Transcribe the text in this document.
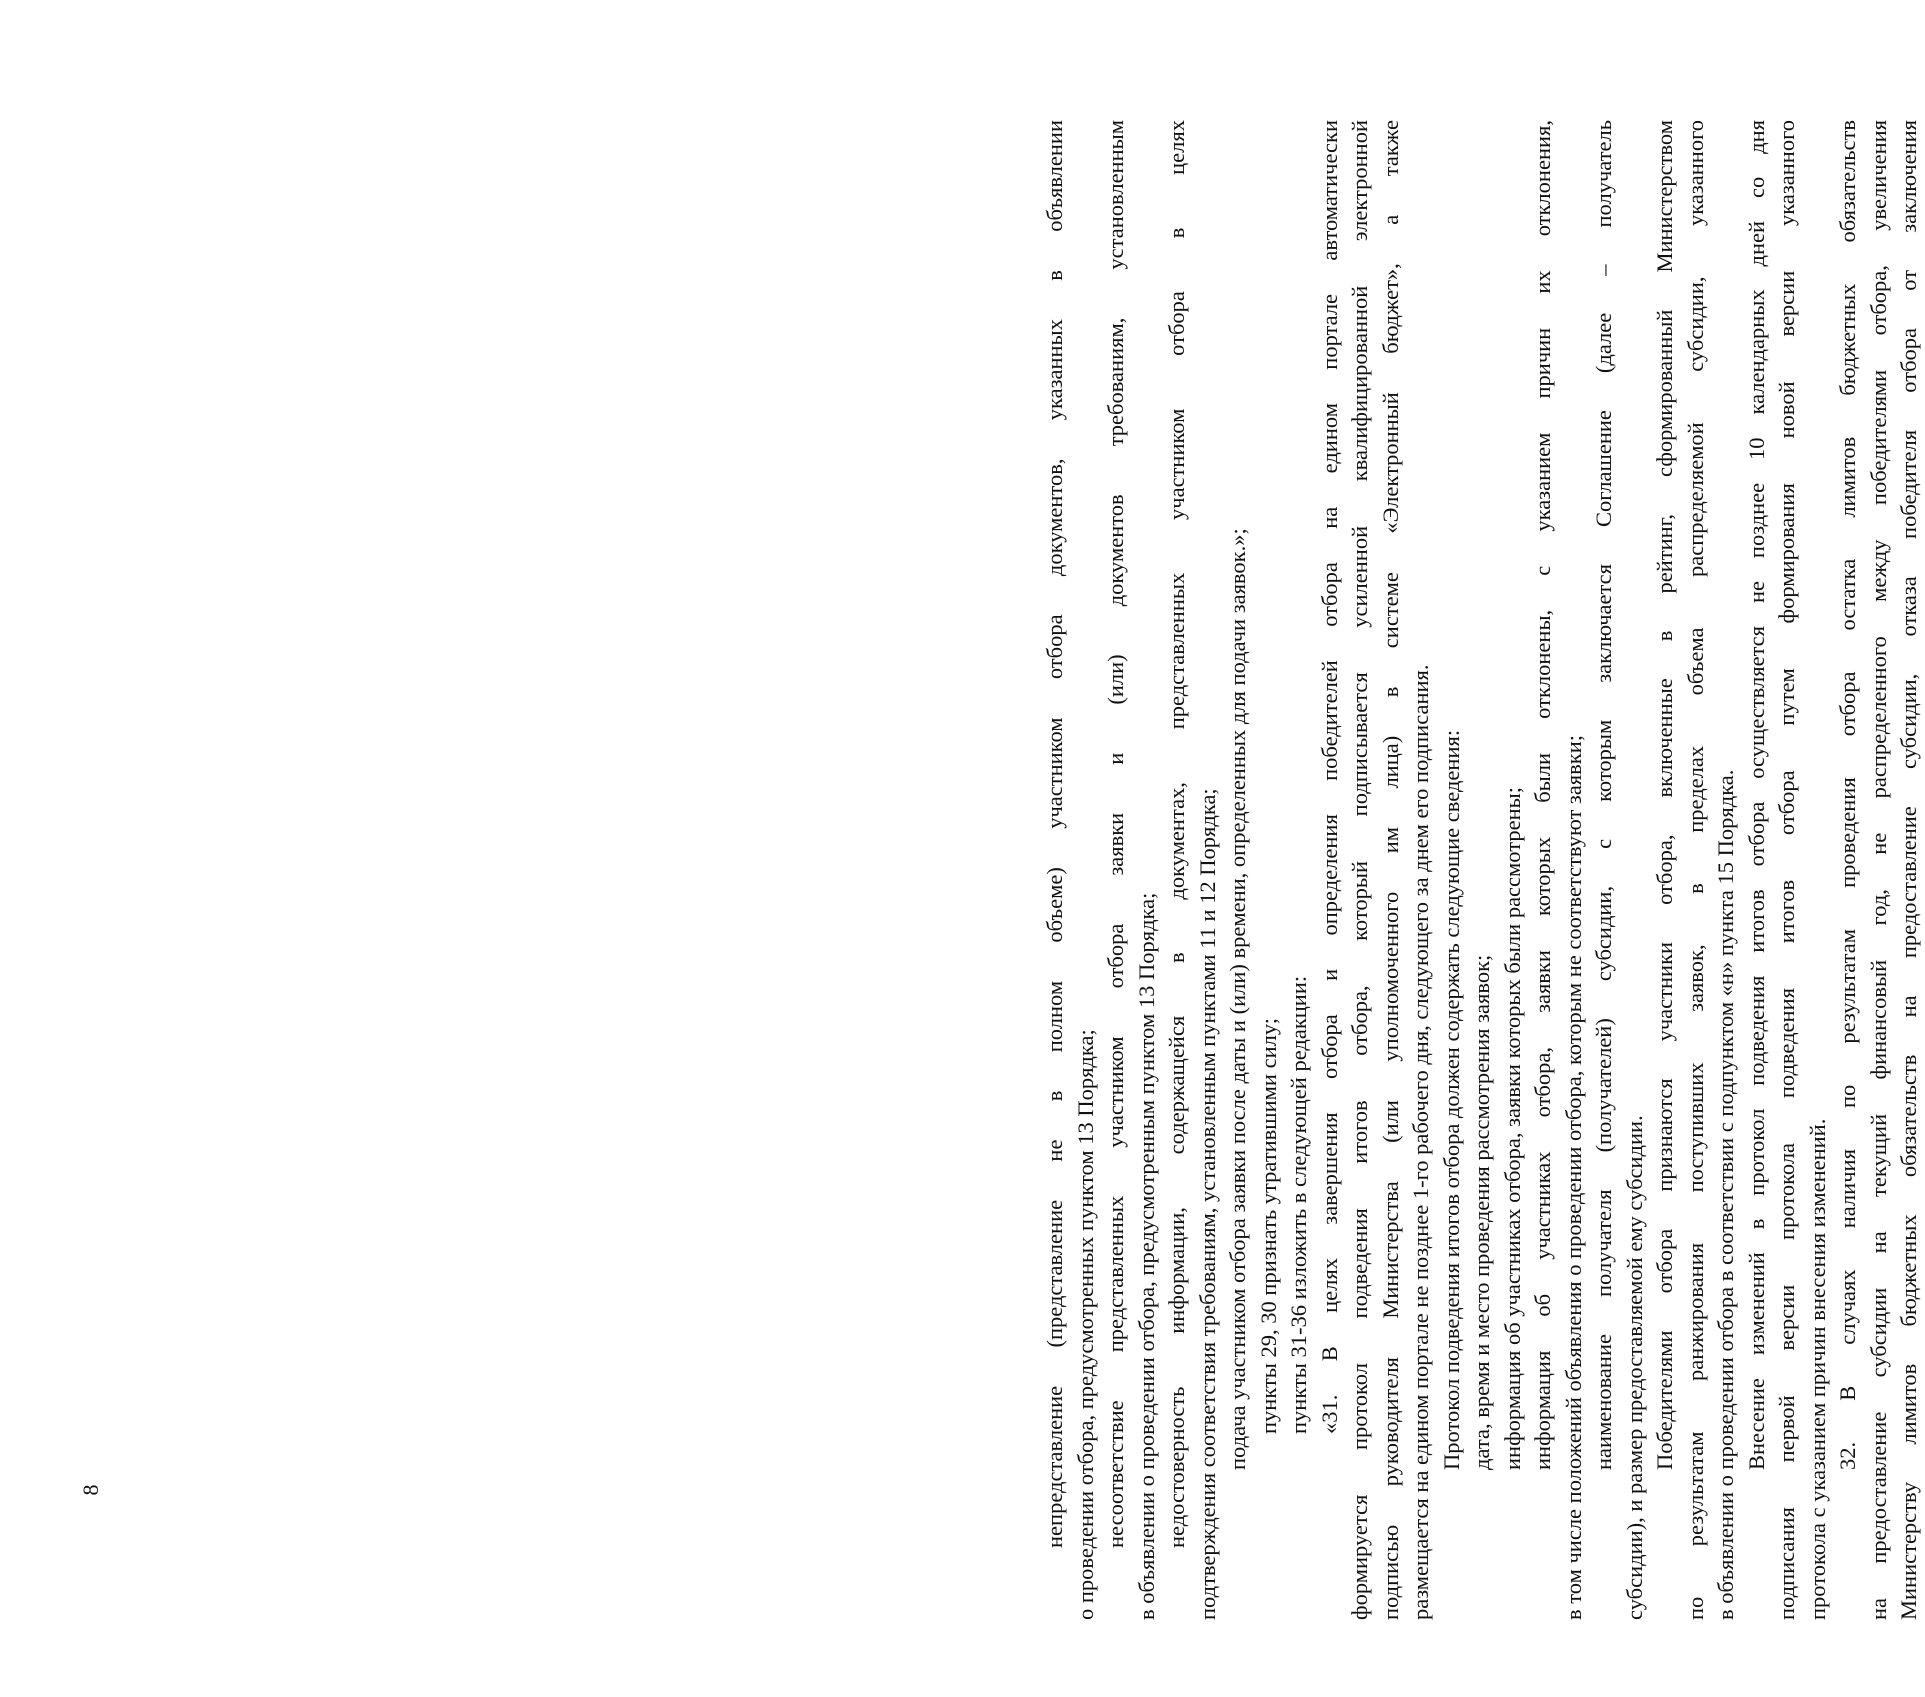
8	непредставление (представление не в полном объеме) участником отбора документов, указанных в объявлении о проведении отбора, предусмотренных пунктом 13 Порядка; несоответствие представленных участником отбора заявки и (или) документов требованиям, установленным в объявлении о проведении отбора, предусмотренным пунктом 13 Порядка; недостоверность информации, содержащейся в документах, представленных участником отбора в целях подтверждения соответствия требованиям, установленным пунктами 11 и 12 Порядка; подача участником отбора заявки после даты и (или) времени, определенных для подачи заявок.»; пункты 29, 30 признать утратившими силу; пункты 31-36 изложить в следующей редакции: «31. В целях завершения отбора и определения победителей отбора на едином портале автоматически формируется протокол подведения итогов отбора, который подписывается усиленной квалифицированной электронной подписью руководителя Министерства (или уполномоченного им лица) в системе «Электронный бюджет», а также размещается на едином портале не позднее 1-го рабочего дня, следующего за днем его подписания. Протокол подведения итогов отбора должен содержать следующие сведения: дата, время и место проведения рассмотрения заявок; информация об участниках отбора, заявки которых были рассмотрены; информация об участниках отбора, заявки которых были отклонены, с указанием причин их отклонения, в том числе положений объявления о проведении отбора, которым не соответствуют заявки; наименование получателя (получателей) субсидии, с которым заключается Соглашение (далее – получатель субсидии), и размер предоставляемой ему субсидии. Победителями отбора признаются участники отбора, включенные в рейтинг, сформированный Министерством по результатам ранжирования поступивших заявок, в пределах объема распределяемой субсидии, указанного в объявлении о проведении отбора в соответствии с подпунктом «н» пункта 15 Порядка. Внесение изменений в протокол подведения итогов отбора осуществляется не позднее 10 календарных дней со дня подписания первой версии протокола подведения итогов отбора путем формирования новой версии указанного протокола с указанием причин внесения изменений. 32. В случаях наличия по результатам проведения отбора остатка лимитов бюджетных обязательств на предоставление субсидии на текущий финансовый год, не распределенного между победителями отбора, увеличения Министерству лимитов бюджетных обязательств на предоставление субсидии, отказа победителя отбора от заключения
